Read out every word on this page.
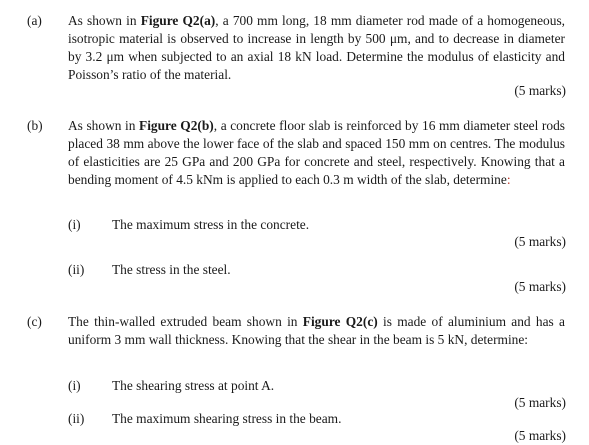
(a) As shown in Figure Q2(a), a 700 mm long, 18 mm diameter rod made of a homogeneous, isotropic material is observed to increase in length by 500 μm, and to decrease in diameter by 3.2 μm when subjected to an axial 18 kN load. Determine the modulus of elasticity and Poisson’s ratio of the material.

(5 marks)
(b) As shown in Figure Q2(b), a concrete floor slab is reinforced by 16 mm diameter steel rods placed 38 mm above the lower face of the slab and spaced 150 mm on centres. The modulus of elasticities are 25 GPa and 200 GPa for concrete and steel, respectively. Knowing that a bending moment of 4.5 kNm is applied to each 0.3 m width of the slab, determine:

(i) The maximum stress in the concrete.
(5 marks)
(ii) The stress in the steel.
(5 marks)
(c) The thin-walled extruded beam shown in Figure Q2(c) is made of aluminium and has a uniform 3 mm wall thickness. Knowing that the shear in the beam is 5 kN, determine:

(i) The shearing stress at point A.
(5 marks)
(ii) The maximum shearing stress in the beam.
(5 marks)
